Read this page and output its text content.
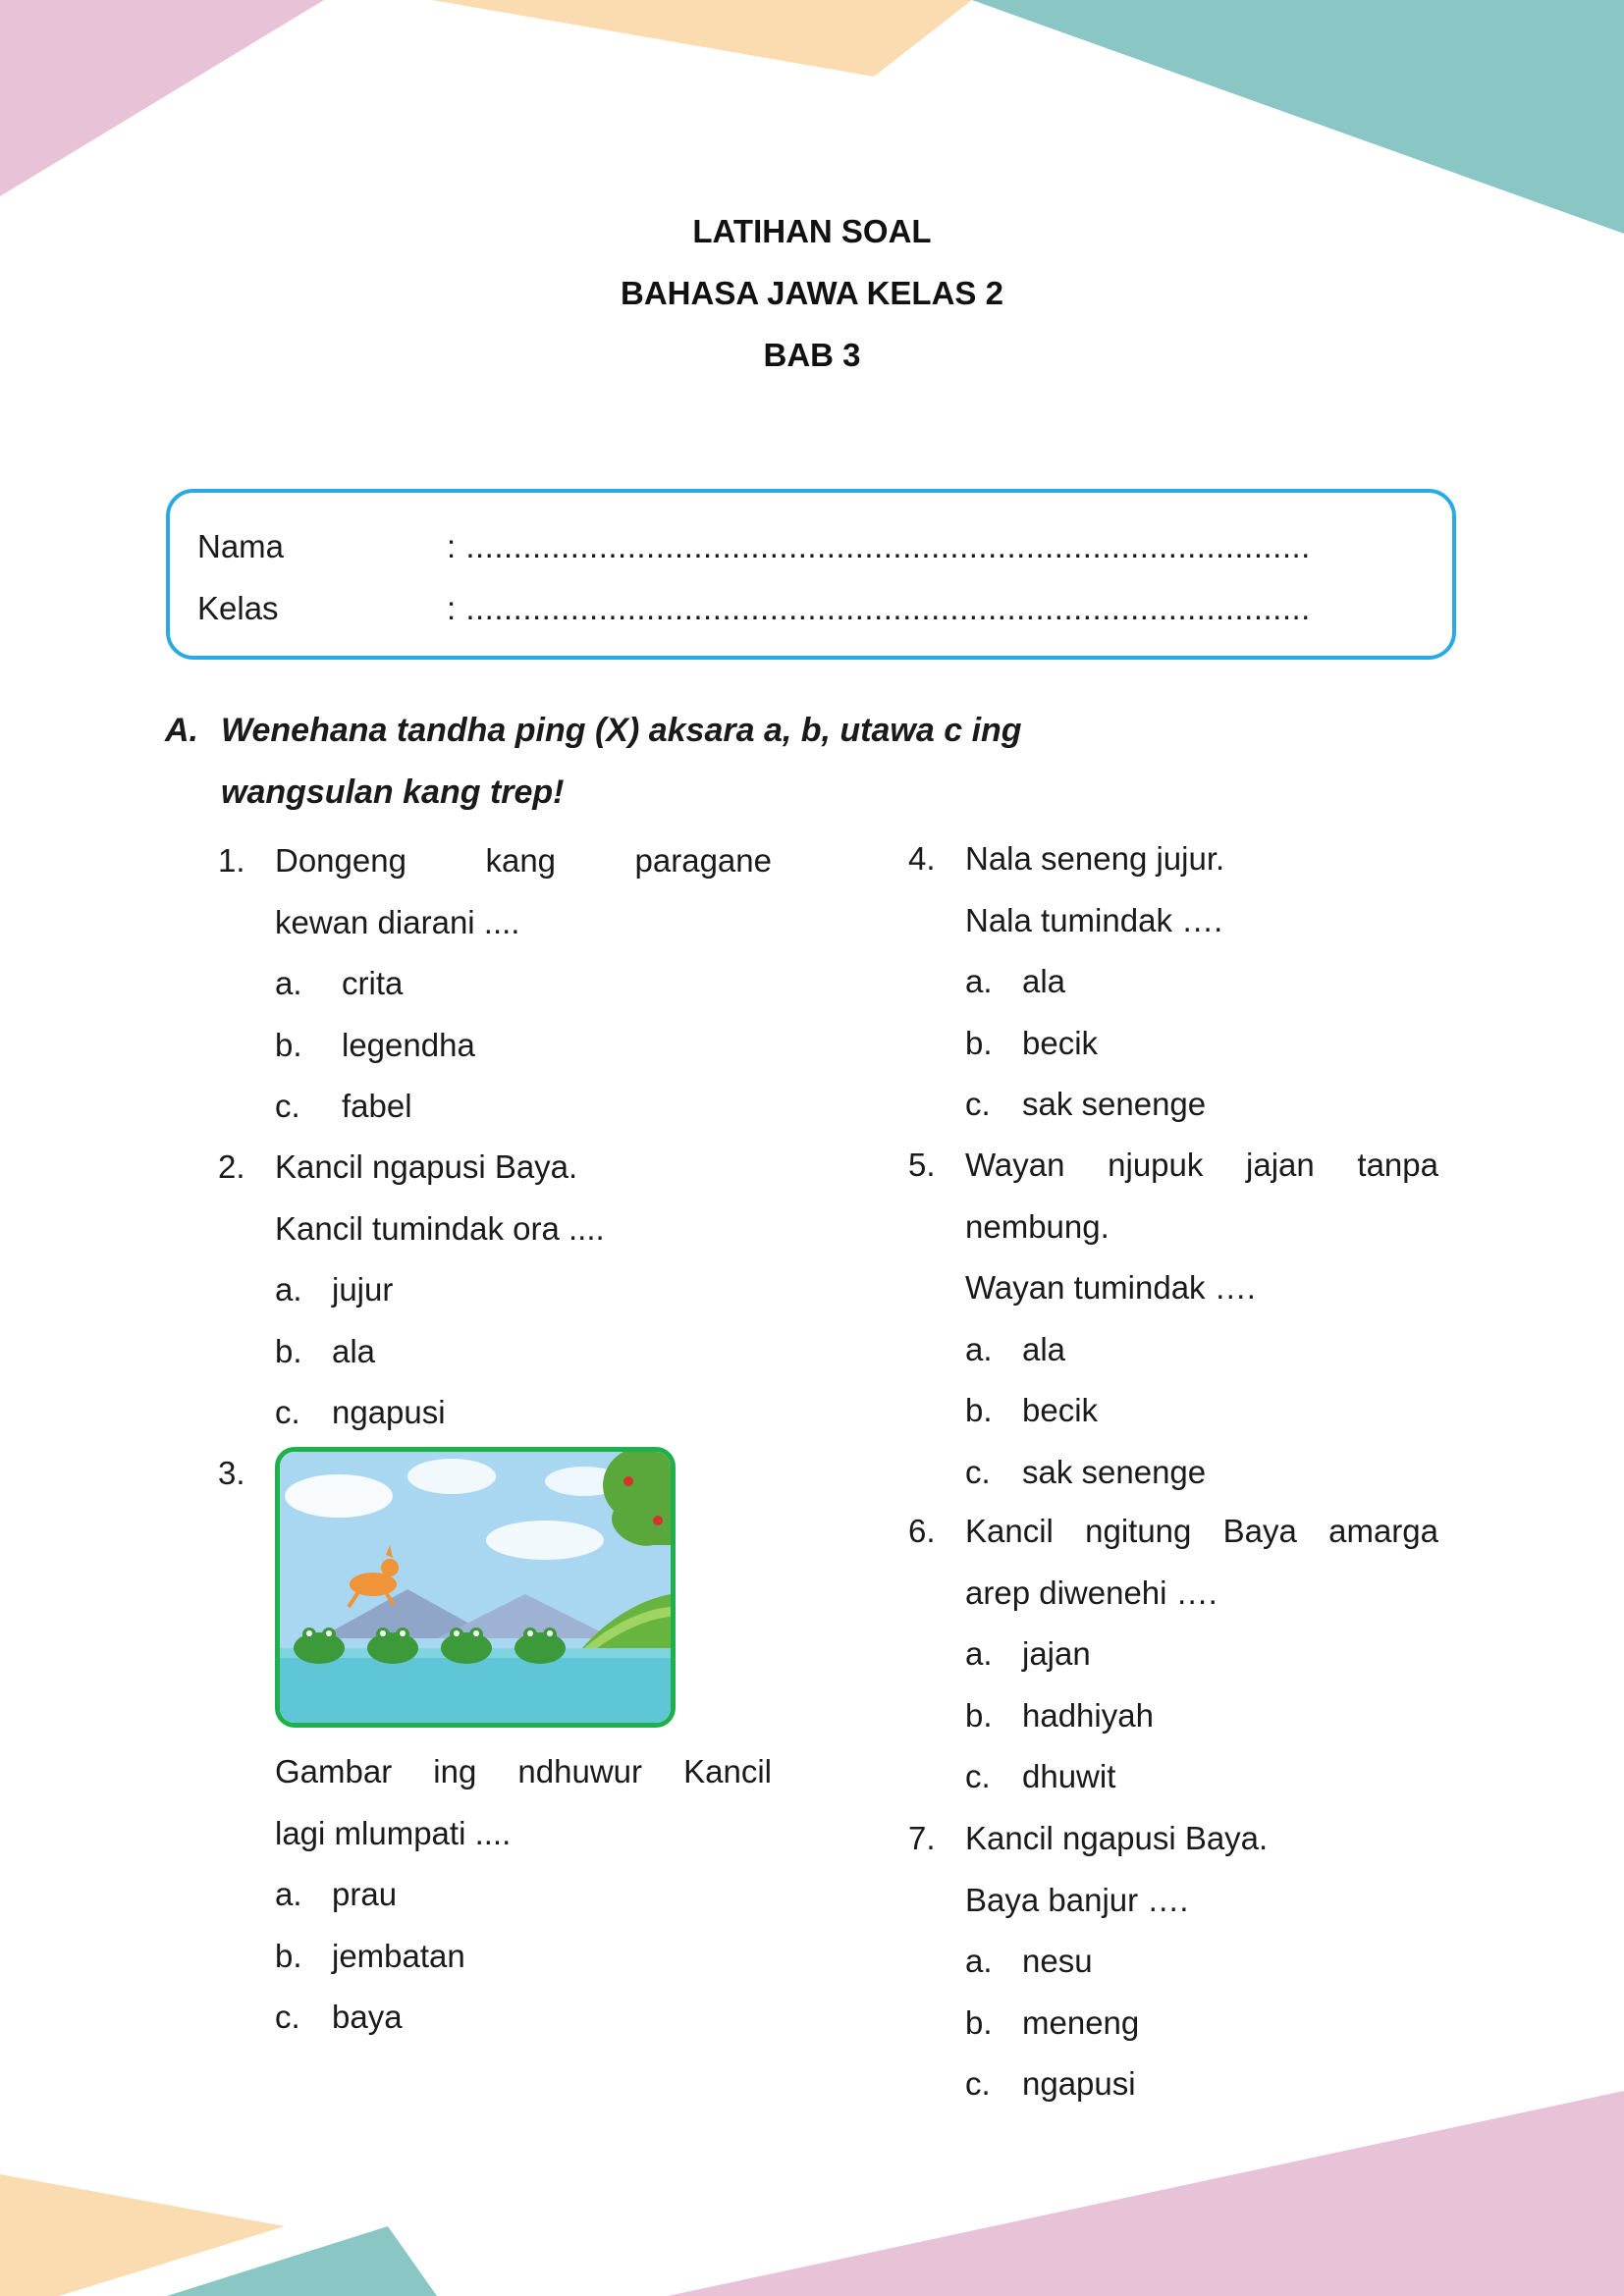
LATIHAN SOAL
BAHASA JAWA KELAS 2
BAB 3
Nama	: .........................................................................................
Kelas	: .........................................................................................
A. Wenehana tandha ping (X) aksara a, b, utawa c ing wangsulan kang trep!
1. Dongeng kang paragane
kewan diarani ....
a. crita
b. legendha
c. fabel
2. Kancil ngapusi Baya.
Kancil tumindak ora ....
a. jujur
b. ala
c. ngapusi
3.
Gambar ing ndhuwur Kancil
lagi mlumpati ....
a. prau
b. jembatan
c. baya
4. Nala seneng jujur.
Nala tumindak ….
a. ala
b. becik
c. sak senenge
5. Wayan njupuk jajan tanpa
nembung.
Wayan tumindak ….
a. ala
b. becik
c. sak senenge
6. Kancil ngitung Baya amarga
arep diwenehi ….
a. jajan
b. hadhiyah
c. dhuwit
7. Kancil ngapusi Baya.
Baya banjur ….
a. nesu
b. meneng
c. ngapusi
